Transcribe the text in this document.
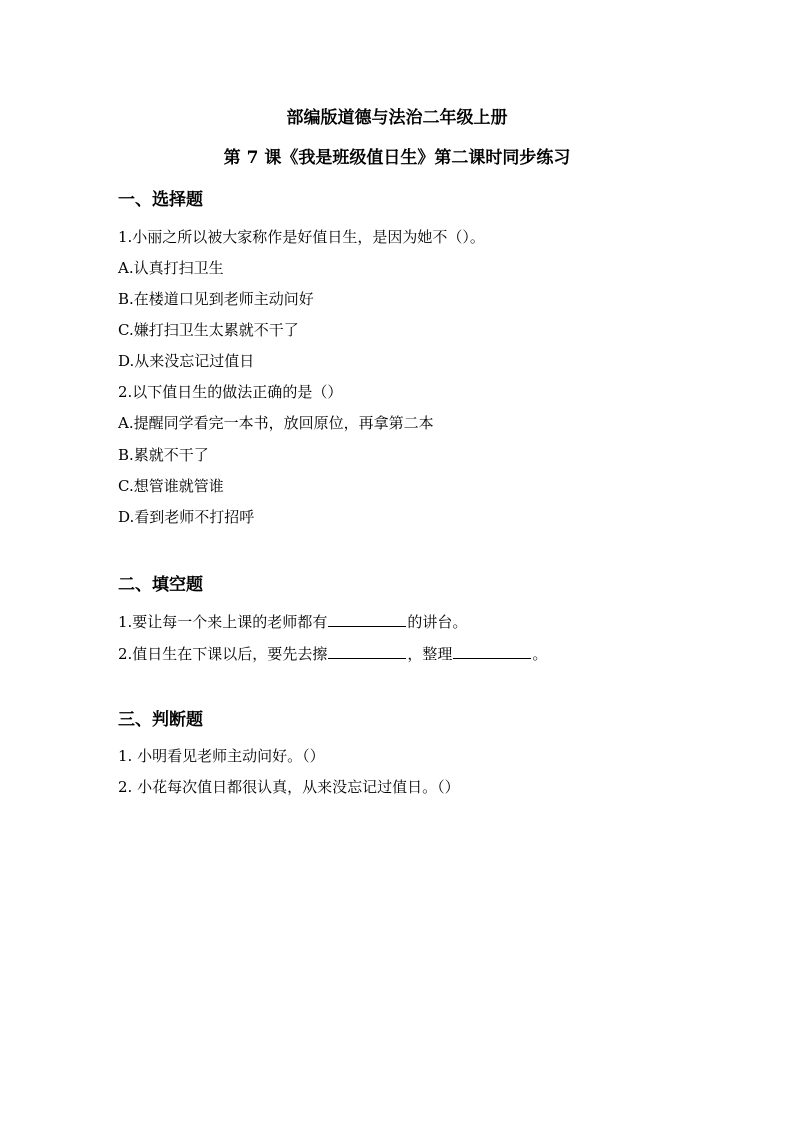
部编版道德与法治二年级上册
第 7 课《我是班级值日生》第二课时同步练习
一、选择题
1.小丽之所以被大家称作是好值日生，是因为她不（）。
A.认真打扫卫生
B.在楼道口见到老师主动问好
C.嫌打扫卫生太累就不干了
D.从来没忘记过值日
2.以下值日生的做法正确的是（）
A.提醒同学看完一本书，放回原位，再拿第二本
B.累就不干了
C.想管谁就管谁
D.看到老师不打招呼
二、填空题
1.要让每一个来上课的老师都有	的讲台。
2.值日生在下课以后，要先去擦	，整理	。
三、判断题
1. 小明看见老师主动问好。（）
2. 小花每次值日都很认真，从来没忘记过值日。（）
